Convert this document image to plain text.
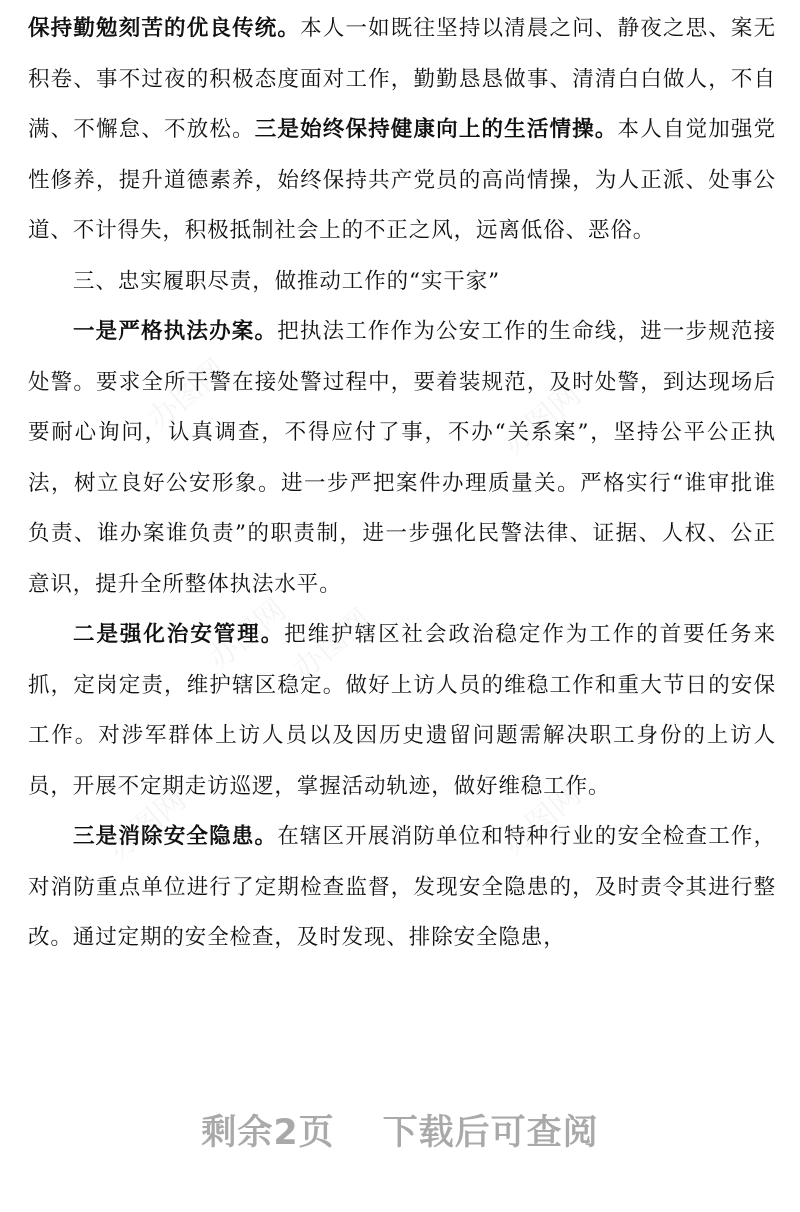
保持勤勉刻苦的优良传统。本人一如既往坚持以清晨之问、静夜之思、案无积卷、事不过夜的积极态度面对工作，勤勤恳恳做事、清清白白做人，不自满、不懈怠、不放松。三是始终保持健康向上的生活情操。本人自觉加强党性修养，提升道德素养，始终保持共产党员的高尚情操，为人正派、处事公道、不计得失，积极抵制社会上的不正之风，远离低俗、恶俗。

三、忠实履职尽责，做推动工作的“实干家”

一是严格执法办案。把执法工作作为公安工作的生命线，进一步规范接处警。要求全所干警在接处警过程中，要着装规范，及时处警，到达现场后要耐心询问，认真调查，不得应付了事，不办“关系案”，坚持公平公正执法，树立良好公安形象。进一步严把案件办理质量关。严格实行“谁审批谁负责、谁办案谁负责”的职责制，进一步强化民警法律、证据、人权、公正意识，提升全所整体执法水平。

二是强化治安管理。把维护辖区社会政治稳定作为工作的首要任务来抓，定岗定责，维护辖区稳定。做好上访人员的维稳工作和重大节日的安保工作。对涉军群体上访人员以及因历史遗留问题需解决职工身份的上访人员，开展不定期走访巡逻，掌握活动轨迹，做好维稳工作。

三是消除安全隐患。在辖区开展消防单位和特种行业的安全检查工作，对消防重点单位进行了定期检查监督，发现安全隐患的，及时责令其进行整改。通过定期的安全检查，及时发现、排除安全隐患，

剩余2页 下载后可查阅
